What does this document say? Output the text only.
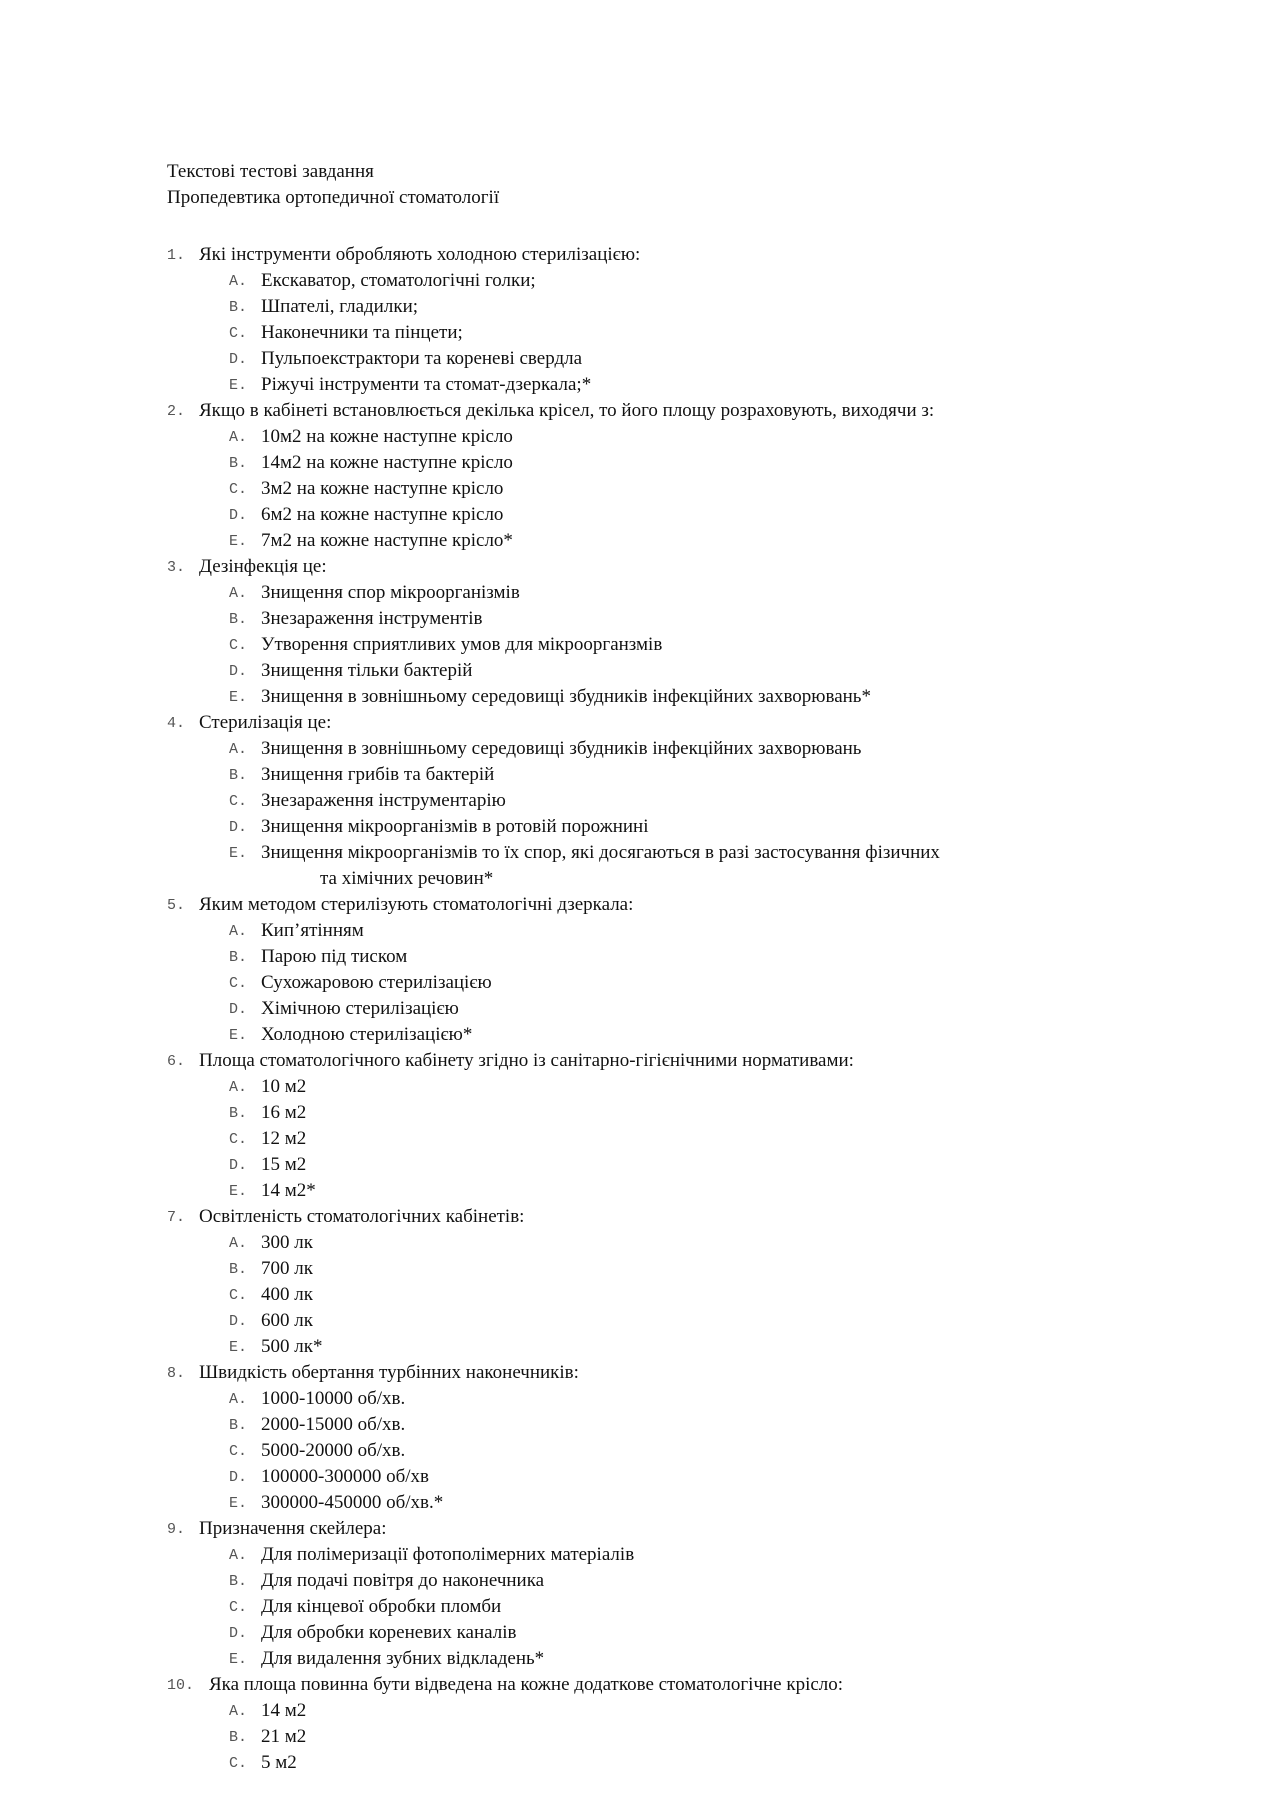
Текстові тестові завдання
Пропедевтика ортопедичної стоматології
1. Які інструменти обробляють холодною стерилізацією:
A. Екскаватор, стоматологічні голки;
B. Шпателі, гладилки;
C. Наконечники та пінцети;
D. Пульпоекстрактори та кореневі свердла
E. Ріжучі інструменти та стомат-дзеркала;*
2. Якщо в кабінеті встановлюється декілька крісел, то його площу розраховують, виходячи з:
A. 10м2 на кожне наступне крісло
B. 14м2 на кожне наступне крісло
C. 3м2 на кожне наступне крісло
D. 6м2 на кожне наступне крісло
E. 7м2 на кожне наступне крісло*
3. Дезінфекція це:
A. Знищення спор мікроорганізмів
B. Знезараження інструментів
C. Утворення сприятливих умов для мікроорганзмів
D. Знищення тільки бактерій
E. Знищення в зовнішньому середовищі збудників інфекційних захворювань*
4. Стерилізація це:
A. Знищення в зовнішньому середовищі збудників інфекційних захворювань
B. Знищення грибів та бактерій
C. Знезараження інструментарію
D. Знищення мікроорганізмів в ротовій порожнині
E. Знищення мікроорганізмів то їх спор, які досягаються в разі застосування фізичних
та хімічних речовин*
5. Яким методом стерилізують стоматологічні дзеркала:
A. Кип’ятінням
B. Парою під тиском
C. Сухожаровою стерилізацією
D. Хімічною стерилізацією
E. Холодною стерилізацією*
6. Площа стоматологічного кабінету згідно із санітарно-гігієнічними нормативами:
A. 10 м2
B. 16 м2
C. 12 м2
D. 15 м2
E. 14 м2*
7. Освітленість стоматологічних кабінетів:
A. 300 лк
B. 700 лк
C. 400 лк
D. 600 лк
E. 500 лк*
8. Швидкість обертання турбінних наконечників:
A. 1000-10000 об/хв.
B. 2000-15000 об/хв.
C. 5000-20000 об/хв.
D. 100000-300000 об/хв
E. 300000-450000 об/хв.*
9. Призначення скейлера:
A. Для полімеризації фотополімерних матеріалів
B. Для подачі повітря до наконечника
C. Для кінцевої обробки пломби
D. Для обробки кореневих каналів
E. Для видалення зубних відкладень*
10. Яка площа повинна бути відведена на кожне додаткове стоматологічне крісло:
A. 14 м2
B. 21 м2
C. 5 м2
